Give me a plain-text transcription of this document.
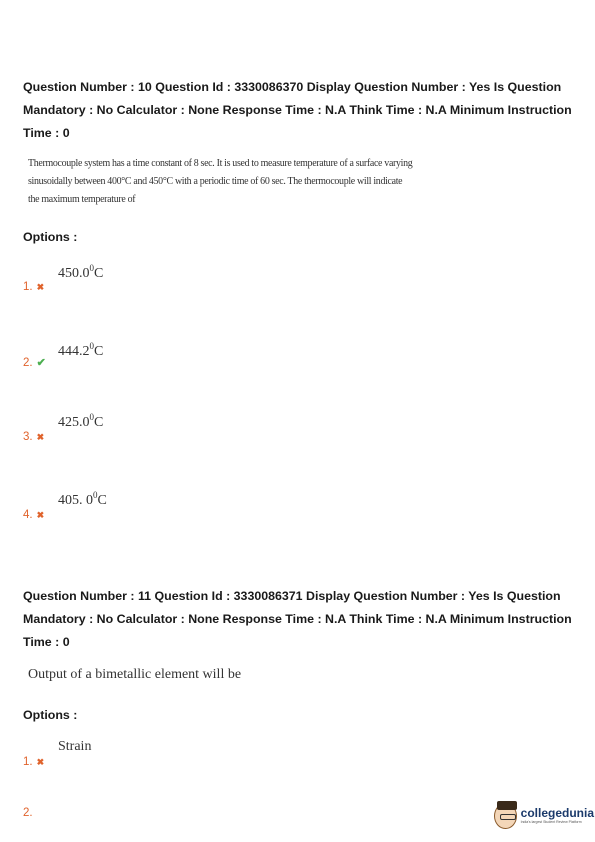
Question Number : 10 Question Id : 3330086370 Display Question Number : Yes Is Question
Mandatory : No Calculator : None Response Time : N.A Think Time : N.A Minimum Instruction
Time : 0
Thermocouple system has a time constant of 8 sec. It is used to measure temperature of a surface varying
sinusoidally between 400°C and 450°C with a periodic time of 60 sec. The thermocouple will indicate
the maximum temperature of
Options :
450.0$^0$C
1. ✖
444.2$^0$C
2. ✔
425.0$^0$C
3. ✖
405. $0^0C$
4. ✖
Question Number : 11 Question Id : 3330086371 Display Question Number : Yes Is Question
Mandatory : No Calculator : None Response Time : N.A Think Time : N.A Minimum Instruction
Time : 0
Output of a bimetallic element will be
Options :
Strain
1. ✖
2.	collegedunia
India's largest Student Review Platform
